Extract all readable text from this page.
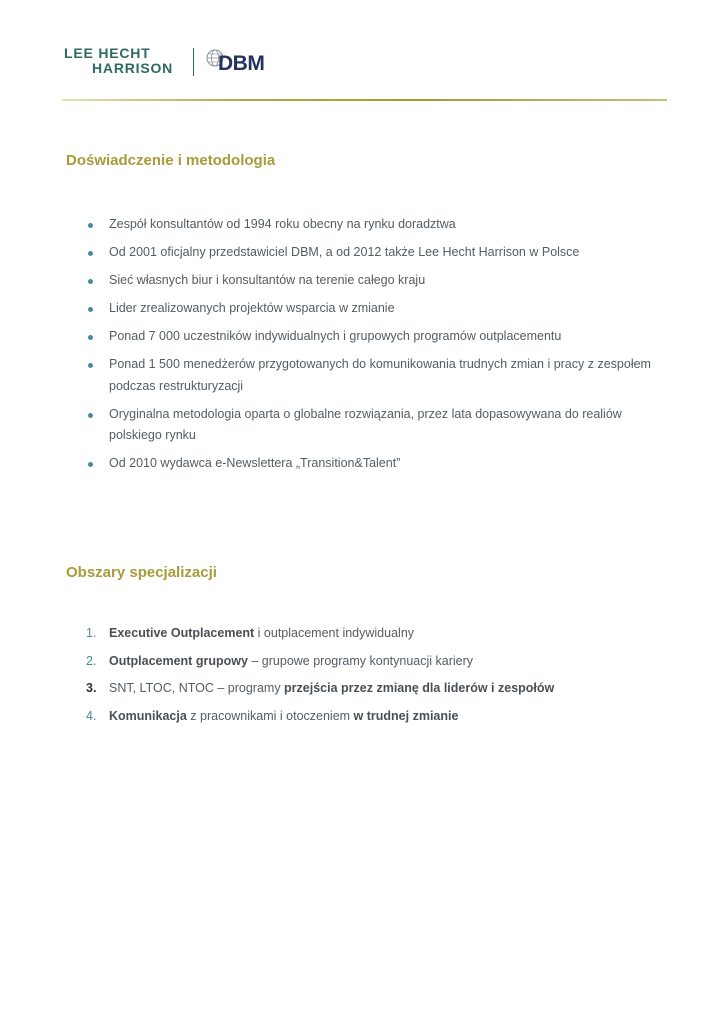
LEE HECHT
HARRISON DBM
Doświadczenie i metodologia
Zespół konsultantów od 1994 roku obecny na rynku doradztwa
Od 2001 oficjalny przedstawiciel DBM, a od 2012 także Lee Hecht Harrison w Polsce
Sieć własnych biur i konsultantów na terenie całego kraju
Lider zrealizowanych projektów wsparcia w zmianie
Ponad 7 000 uczestników indywidualnych i grupowych programów outplacementu
Ponad 1 500 menedżerów przygotowanych do komunikowania trudnych zmian i pracy z zespołem podczas restrukturyzacji
Oryginalna metodologia oparta o globalne rozwiązania, przez lata dopasowywana do realiów polskiego rynku
Od 2010 wydawca e-Newslettera „Transition&Talent”
Obszary specjalizacji
1. Executive Outplacement i outplacement indywidualny
2. Outplacement grupowy – grupowe programy kontynuacji kariery
3. SNT, LTOC, NTOC – programy przejścia przez zmianę dla liderów i zespołów
4. Komunikacja z pracownikami i otoczeniem w trudnej zmianie
